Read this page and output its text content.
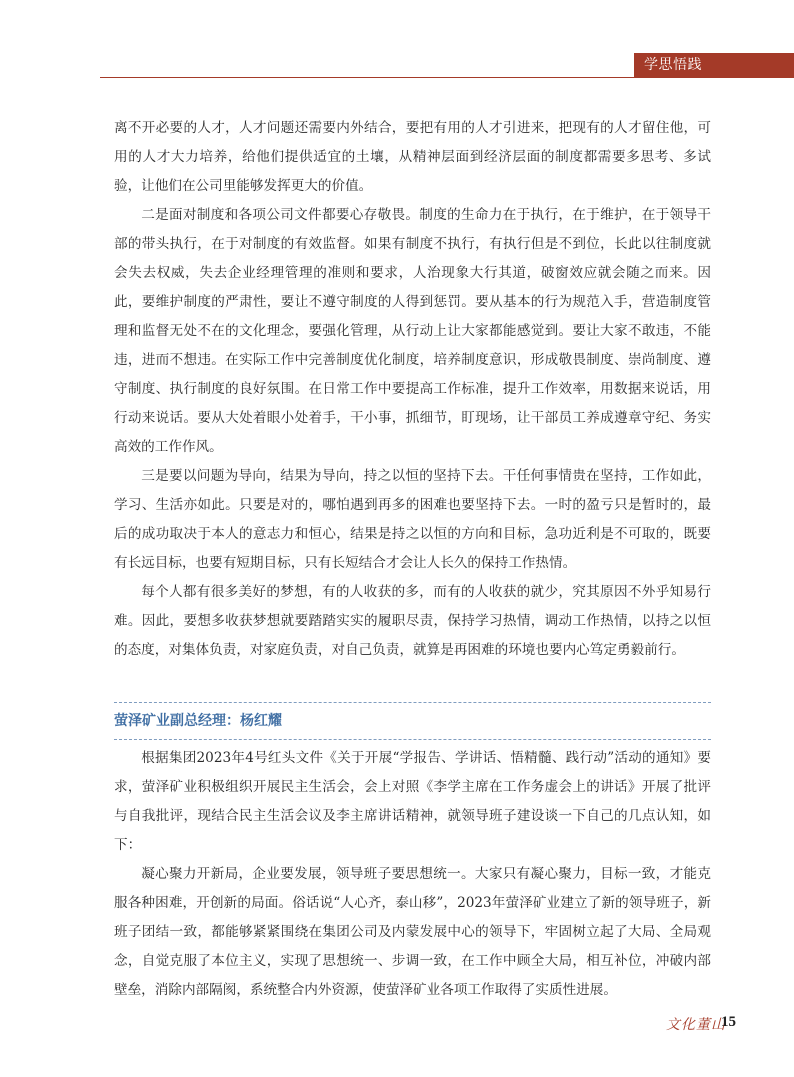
学思悟践

离不开必要的人才，人才问题还需要内外结合，要把有用的人才引进来，把现有的人才留住他，可用的人才大力培养，给他们提供适宜的土壤，从精神层面到经济层面的制度都需要多思考、多试验，让他们在公司里能够发挥更大的价值。

二是面对制度和各项公司文件都要心存敬畏。制度的生命力在于执行，在于维护，在于领导干部的带头执行，在于对制度的有效监督。如果有制度不执行，有执行但是不到位，长此以往制度就会失去权威，失去企业经理管理的准则和要求，人治现象大行其道，破窗效应就会随之而来。因此，要维护制度的严肃性，要让不遵守制度的人得到惩罚。要从基本的行为规范入手，营造制度管理和监督无处不在的文化理念，要强化管理，从行动上让大家都能感觉到。要让大家不敢违，不能违，进而不想违。在实际工作中完善制度优化制度，培养制度意识，形成敬畏制度、崇尚制度、遵守制度、执行制度的良好氛围。在日常工作中要提高工作标准，提升工作效率，用数据来说话，用行动来说话。要从大处着眼小处着手，干小事，抓细节，盯现场，让干部员工养成遵章守纪、务实高效的工作作风。

三是要以问题为导向，结果为导向，持之以恒的坚持下去。干任何事情贵在坚持，工作如此，学习、生活亦如此。只要是对的，哪怕遇到再多的困难也要坚持下去。一时的盈亏只是暂时的，最后的成功取决于本人的意志力和恒心，结果是持之以恒的方向和目标，急功近利是不可取的，既要有长远目标，也要有短期目标，只有长短结合才会让人长久的保持工作热情。

每个人都有很多美好的梦想，有的人收获的多，而有的人收获的就少，究其原因不外乎知易行难。因此，要想多收获梦想就要踏踏实实的履职尽责，保持学习热情，调动工作热情，以持之以恒的态度，对集体负责，对家庭负责，对自己负责，就算是再困难的环境也要内心笃定勇毅前行。

萤泽矿业副总经理：杨红耀

根据集团2023年4号红头文件《关于开展“学报告、学讲话、悟精髓、践行动”活动的通知》要求，萤泽矿业积极组织开展民主生活会，会上对照《李学主席在工作务虚会上的讲话》开展了批评与自我批评，现结合民主生活会议及李主席讲话精神，就领导班子建设谈一下自己的几点认知，如下：

凝心聚力开新局，企业要发展，领导班子要思想统一。大家只有凝心聚力，目标一致，才能克服各种困难，开创新的局面。俗话说“人心齐，泰山移”，2023年萤泽矿业建立了新的领导班子，新班子团结一致，都能够紧紧围绕在集团公司及内蒙发展中心的领导下，牢固树立起了大局、全局观念，自觉克服了本位主义，实现了思想统一、步调一致，在工作中顾全大局，相互补位，冲破内部壁垒，消除内部隔阂，系统整合内外资源，使萤泽矿业各项工作取得了实质性进展。

文化董山
15
